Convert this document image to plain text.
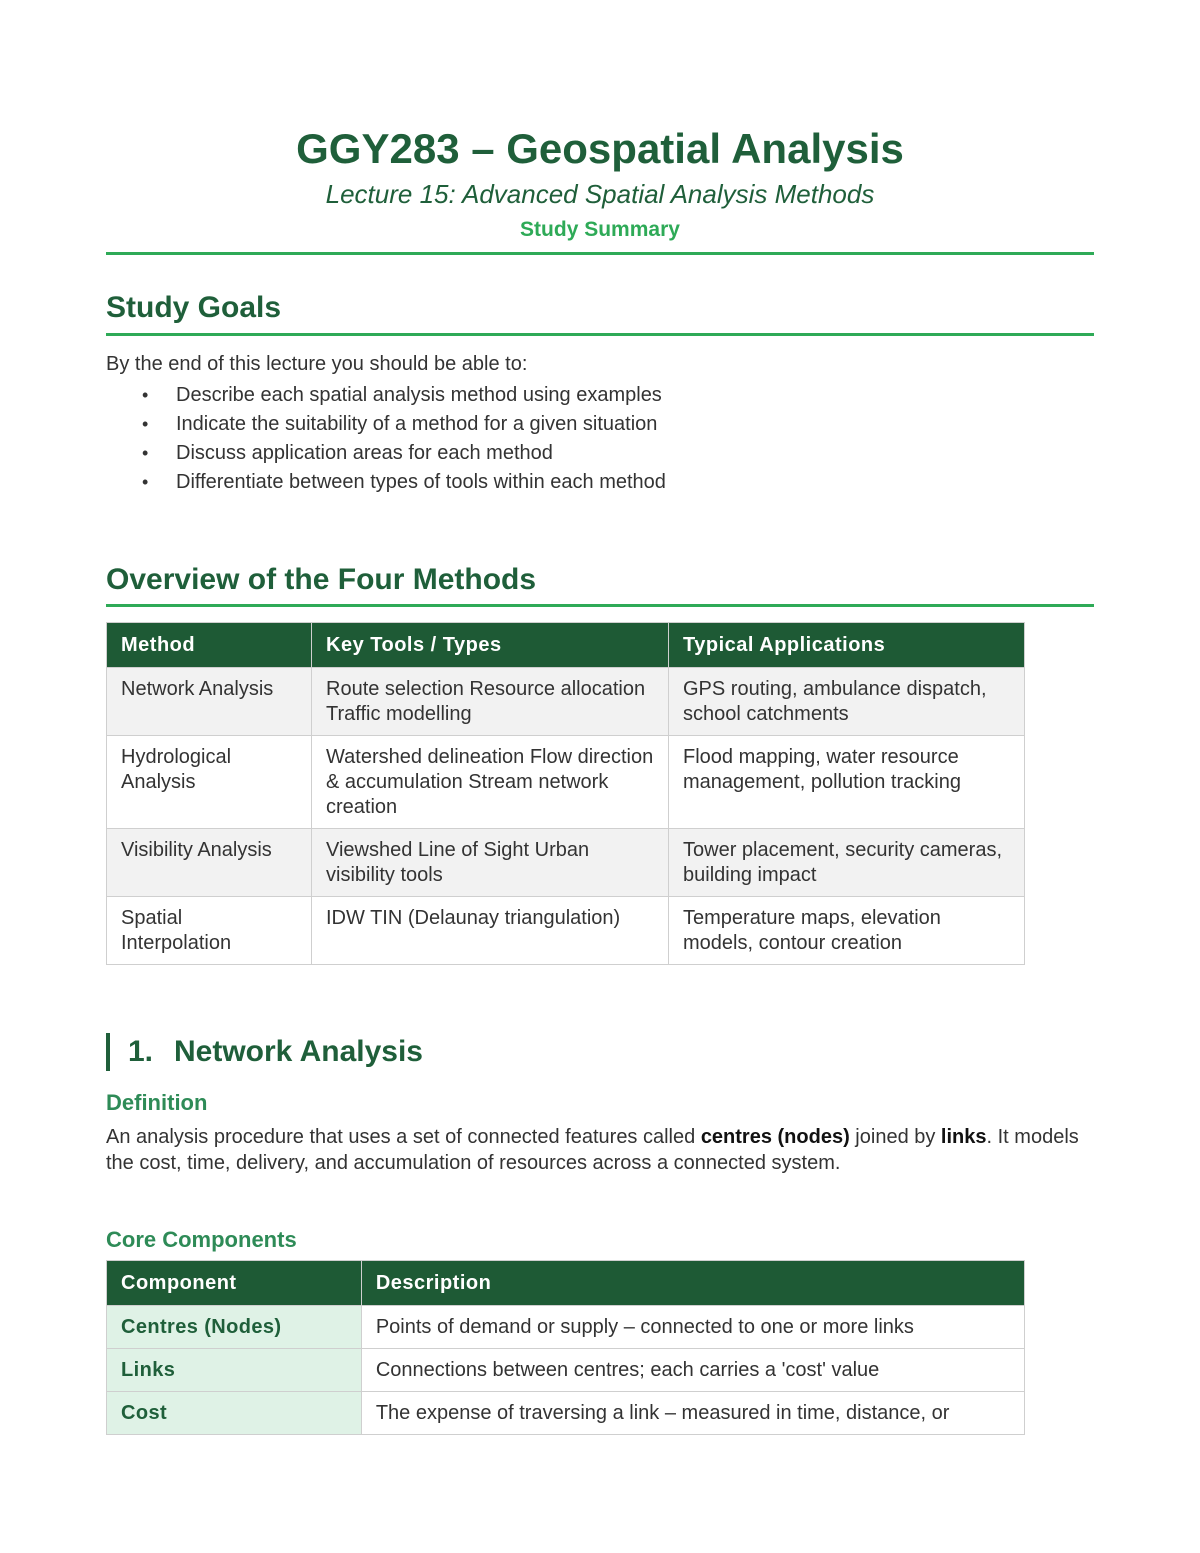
GGY283 – Geospatial Analysis
Lecture 15: Advanced Spatial Analysis Methods
Study Summary
Study Goals
By the end of this lecture you should be able to:
• Describe each spatial analysis method using examples
• Indicate the suitability of a method for a given situation
• Discuss application areas for each method
• Differentiate between types of tools within each method
Overview of the Four Methods
Method	Key Tools / Types	Typical Applications
Network Analysis	Route selection Resource allocation Traffic modelling	GPS routing, ambulance dispatch, school catchments
Hydrological Analysis	Watershed delineation Flow direction & accumulation Stream network creation	Flood mapping, water resource management, pollution tracking
Visibility Analysis	Viewshed Line of Sight Urban visibility tools	Tower placement, security cameras, building impact
Spatial Interpolation	IDW TIN (Delaunay triangulation)	Temperature maps, elevation models, contour creation
1. Network Analysis
Definition
An analysis procedure that uses a set of connected features called centres (nodes) joined by links. It models the cost, time, delivery, and accumulation of resources across a connected system.
Core Components
Component	Description
Centres (Nodes)	Points of demand or supply – connected to one or more links
Links	Connections between centres; each carries a 'cost' value
Cost	The expense of traversing a link – measured in time, distance, or
